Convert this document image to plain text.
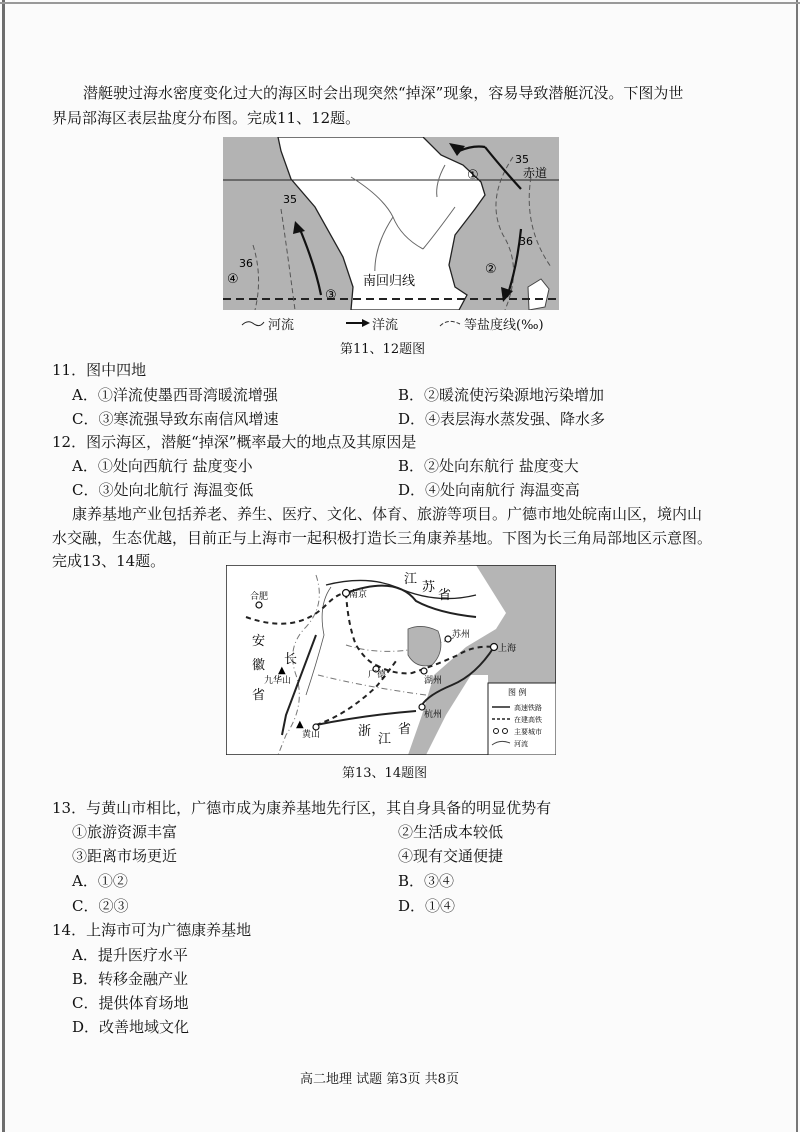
潜艇驶过海水密度变化过大的海区时会出现突然“掉深”现象，容易导致潜艇沉没。下图为世
界局部海区表层盐度分布图。完成11、12题。
35
35
36
36
赤道
南回归线
①
②
③
④
河流	洋流	等盐度线(‰)
第11、12题图
11．图中四地
A．①洋流使墨西哥湾暖流增强	B．②暖流使污染源地污染增加
C．③寒流强导致东南信风增速	D．④表层海水蒸发强、降水多
12．图示海区，潜艇“掉深”概率最大的地点及其原因是
A．①处向西航行 盐度变小	B．②处向东航行 盐度变大
C．③处向北航行 海温变低	D．④处向南航行 海温变高
康养基地产业包括养老、养生、医疗、文化、体育、旅游等项目。广德市地处皖南山区，境内山
水交融，生态优越，目前正与上海市一起积极打造长三角康养基地。下图为长三角局部地区示意图。
完成13、14题。
合肥	南京
苏州
上海
广德
湖州
杭州
黄山
九华山
▲
▲
江
苏
省
安
徽
省
浙
江
省
长
图 例
高速铁路
在建高铁
主要城市
河流
第13、14题图
13．与黄山市相比，广德市成为康养基地先行区，其自身具备的明显优势有
①旅游资源丰富	②生活成本较低
③距离市场更近	④现有交通便捷
A．①②	B．③④
C．②③	D．①④
14．上海市可为广德康养基地
A．提升医疗水平
B．转移金融产业
C．提供体育场地
D．改善地域文化
高二地理 试题 第3页 共8页
